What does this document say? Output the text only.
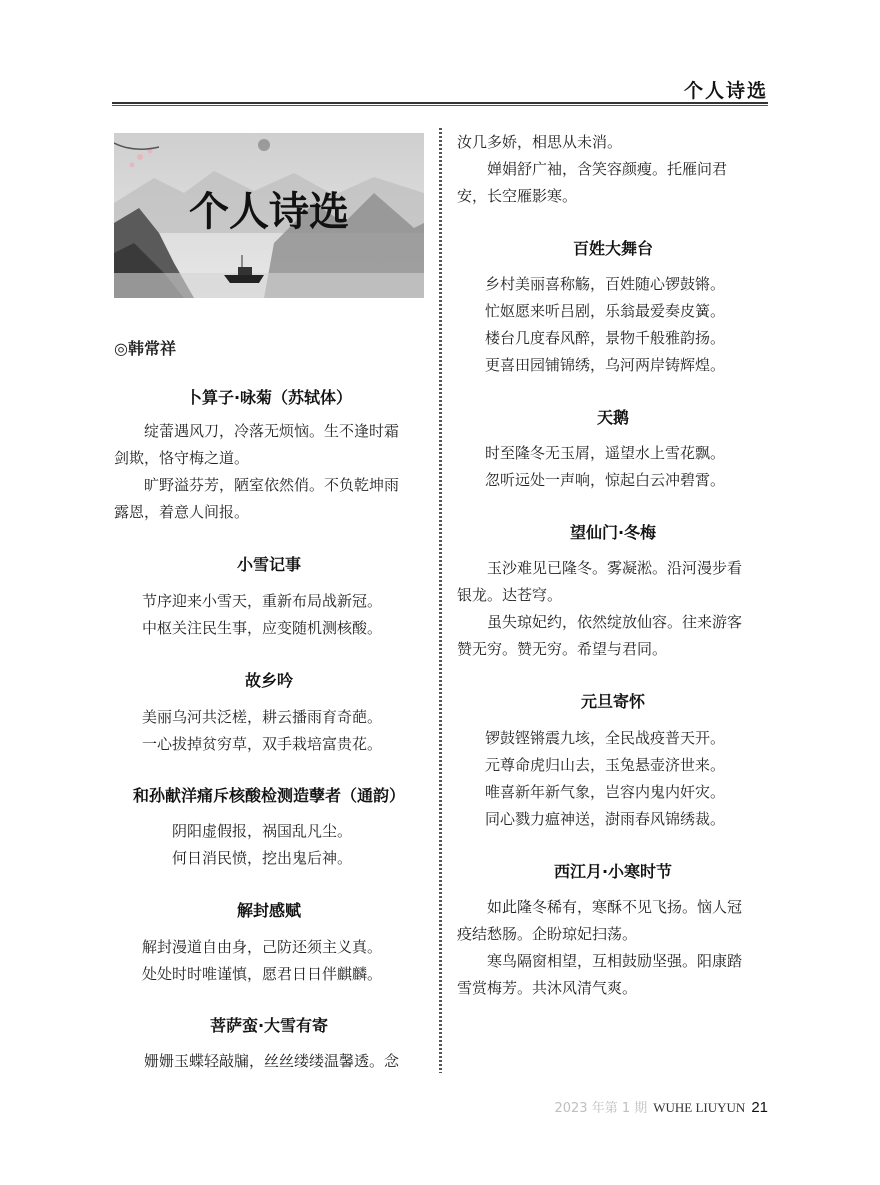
个人诗选
个人诗选
◎韩常祥
卜算子·咏菊（苏轼体）
绽蕾遇风刀，冷落无烦恼。生不逢时霜
剑欺，恪守梅之道。
旷野溢芬芳，陋室依然俏。不负乾坤雨
露恩，着意人间报。
小雪记事
节序迎来小雪天，重新布局战新冠。
中枢关注民生事，应变随机测核酸。
故乡吟
美丽乌河共泛槎，耕云播雨育奇葩。
一心拔掉贫穷草，双手栽培富贵花。
和孙献洋痛斥核酸检测造孽者（通韵）
阴阳虚假报，祸国乱凡尘。
何日消民愤，挖出鬼后神。
解封感赋
解封漫道自由身，己防还须主义真。
处处时时唯谨慎，愿君日日伴麒麟。
菩萨蛮·大雪有寄
姗姗玉蝶轻敲牖，丝丝缕缕温馨透。念
汝几多娇，相思从未消。
婵娟舒广袖，含笑容颜瘦。托雁问君
安，长空雁影寒。
百姓大舞台
乡村美丽喜称觞，百姓随心锣鼓锵。
忙妪愿来听吕剧，乐翁最爱奏皮簧。
楼台几度春风醉，景物千般雅韵扬。
更喜田园铺锦绣，乌河两岸铸辉煌。
天鹅
时至隆冬无玉屑，遥望水上雪花飘。
忽听远处一声响，惊起白云冲碧霄。
望仙门·冬梅
玉沙难见已隆冬。雾凝淞。沿河漫步看
银龙。达苍穹。
虽失琼妃约，依然绽放仙容。往来游客
赞无穷。赞无穷。希望与君同。
元旦寄怀
锣鼓铿锵震九垓，全民战疫普天开。
元尊命虎归山去，玉兔悬壶济世来。
唯喜新年新气象，岂容内鬼内奸灾。
同心戮力瘟神送，澍雨春风锦绣裁。
西江月·小寒时节
如此隆冬稀有，寒酥不见飞扬。恼人冠
疫结愁肠。企盼琼妃扫荡。
寒鸟隔窗相望，互相鼓励坚强。阳康踏
雪赏梅芳。共沐风清气爽。
2023 年第 1 期 WUHE LIUYUN 21
